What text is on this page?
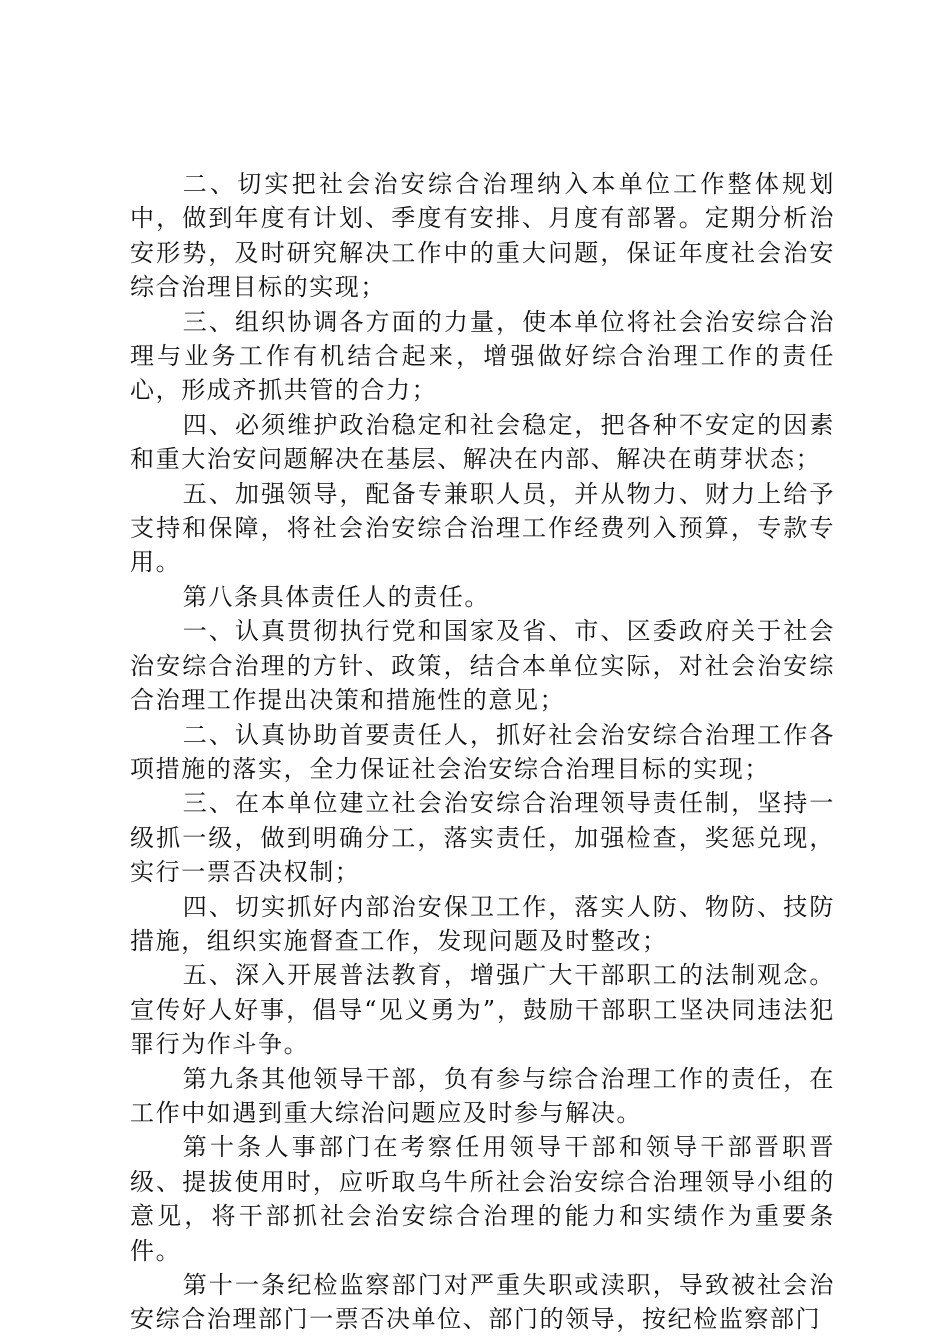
二、切实把社会治安综合治理纳入本单位工作整体规划中，做到年度有计划、季度有安排、月度有部署。定期分析治安形势，及时研究解决工作中的重大问题，保证年度社会治安综合治理目标的实现；

三、组织协调各方面的力量，使本单位将社会治安综合治理与业务工作有机结合起来，增强做好综合治理工作的责任心，形成齐抓共管的合力；

四、必须维护政治稳定和社会稳定，把各种不安定的因素和重大治安问题解决在基层、解决在内部、解决在萌芽状态；

五、加强领导，配备专兼职人员，并从物力、财力上给予支持和保障，将社会治安综合治理工作经费列入预算，专款专用。

第八条具体责任人的责任。

一、认真贯彻执行党和国家及省、市、区委政府关于社会治安综合治理的方针、政策，结合本单位实际，对社会治安综合治理工作提出决策和措施性的意见；

二、认真协助首要责任人，抓好社会治安综合治理工作各项措施的落实，全力保证社会治安综合治理目标的实现；

三、在本单位建立社会治安综合治理领导责任制，坚持一级抓一级，做到明确分工，落实责任，加强检查，奖惩兑现，实行一票否决权制；

四、切实抓好内部治安保卫工作，落实人防、物防、技防措施，组织实施督查工作，发现问题及时整改；

五、深入开展普法教育，增强广大干部职工的法制观念。宣传好人好事，倡导“见义勇为”，鼓励干部职工坚决同违法犯罪行为作斗争。

第九条其他领导干部，负有参与综合治理工作的责任，在工作中如遇到重大综治问题应及时参与解决。

第十条人事部门在考察任用领导干部和领导干部晋职晋级、提拔使用时，应听取乌牛所社会治安综合治理领导小组的意见，将干部抓社会治安综合治理的能力和实绩作为重要条件。

第十一条纪检监察部门对严重失职或渎职，导致被社会治安综合治理部门一票否决单位、部门的领导，按纪检监察部门
